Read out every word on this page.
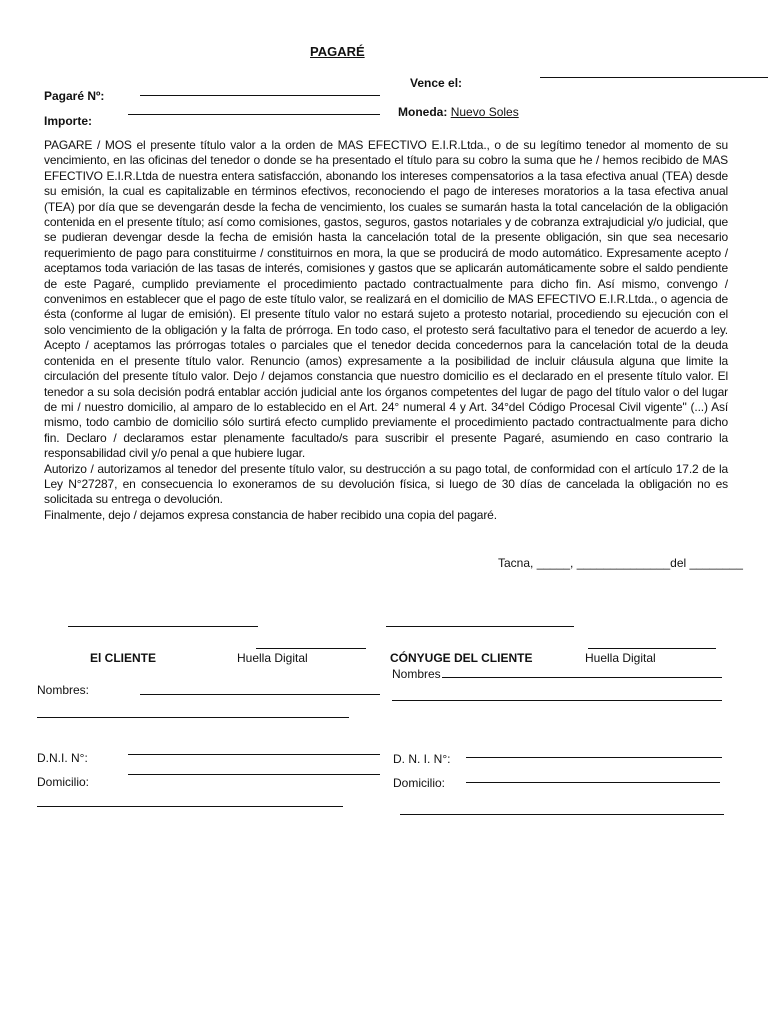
PAGARÉ
Vence el:
Pagaré Nº:
Moneda: Nuevo Soles
Importe:

PAGARE / MOS el presente título valor a la orden de MAS EFECTIVO E.I.R.Ltda., o de su legítimo tenedor al momento de su vencimiento, en las oficinas del tenedor o donde se ha presentado el título para su cobro la suma que he / hemos recibido de MAS EFECTIVO E.I.R.Ltda de nuestra entera satisfacción, abonando los intereses compensatorios a la tasa efectiva anual (TEA) desde su emisión, la cual es capitalizable en términos efectivos, reconociendo el pago de intereses moratorios a la tasa efectiva anual (TEA) por día que se devengarán desde la fecha de vencimiento, los cuales se sumarán hasta la total cancelación de la obligación contenida en el presente título; así como comisiones, gastos, seguros, gastos notariales y de cobranza extrajudicial y/o judicial, que se pudieran devengar desde la fecha de emisión hasta la cancelación total de la presente obligación, sin que sea necesario requerimiento de pago para constituirme / constituirnos en mora, la que se producirá de modo automático. Expresamente acepto / aceptamos toda variación de las tasas de interés, comisiones y gastos que se aplicarán automáticamente sobre el saldo pendiente de este Pagaré, cumplido previamente el procedimiento pactado contractualmente para dicho fin. Así mismo, convengo / convenimos en establecer que el pago de este título valor, se realizará en el domicilio de MAS EFECTIVO E.I.R.Ltda., o agencia de ésta (conforme al lugar de emisión). El presente título valor no estará sujeto a protesto notarial, procediendo su ejecución con el solo vencimiento de la obligación y la falta de prórroga. En todo caso, el protesto será facultativo para el tenedor de acuerdo a ley. Acepto / aceptamos las prórrogas totales o parciales que el tenedor decida concedernos para la cancelación total de la deuda contenida en el presente título valor. Renuncio (amos) expresamente a la posibilidad de incluir cláusula alguna que limite la circulación del presente título valor. Dejo / dejamos constancia que nuestro domicilio es el declarado en el presente título valor. El tenedor a su sola decisión podrá entablar acción judicial ante los órganos competentes del lugar de pago del título valor o del lugar de mi / nuestro domicilio, al amparo de lo establecido en el Art. 24° numeral 4 y Art. 34°del Código Procesal Civil vigente" (...) Así mismo, todo cambio de domicilio sólo surtirá efecto cumplido previamente el procedimiento pactado contractualmente para dicho fin. Declaro / declaramos estar plenamente facultado/s para suscribir el presente Pagaré, asumiendo en caso contrario la responsabilidad civil y/o penal a que hubiere lugar.

Autorizo / autorizamos al tenedor del presente título valor, su destrucción a su pago total, de conformidad con el artículo 17.2 de la Ley N°27287, en consecuencia lo exoneramos de su devolución física, si luego de 30 días de cancelada la obligación no es solicitada su entrega o devolución.

Finalmente, dejo / dejamos expresa constancia de haber recibido una copia del pagaré.

Tacna, _____, ______________del ________
El CLIENTE	Huella Digital	CÓNYUGE DEL CLIENTE	Huella Digital
Nombres:
D.N.I. N°:
Domicilio:
Nombres
D. N. I. N°:
Domicilio:
